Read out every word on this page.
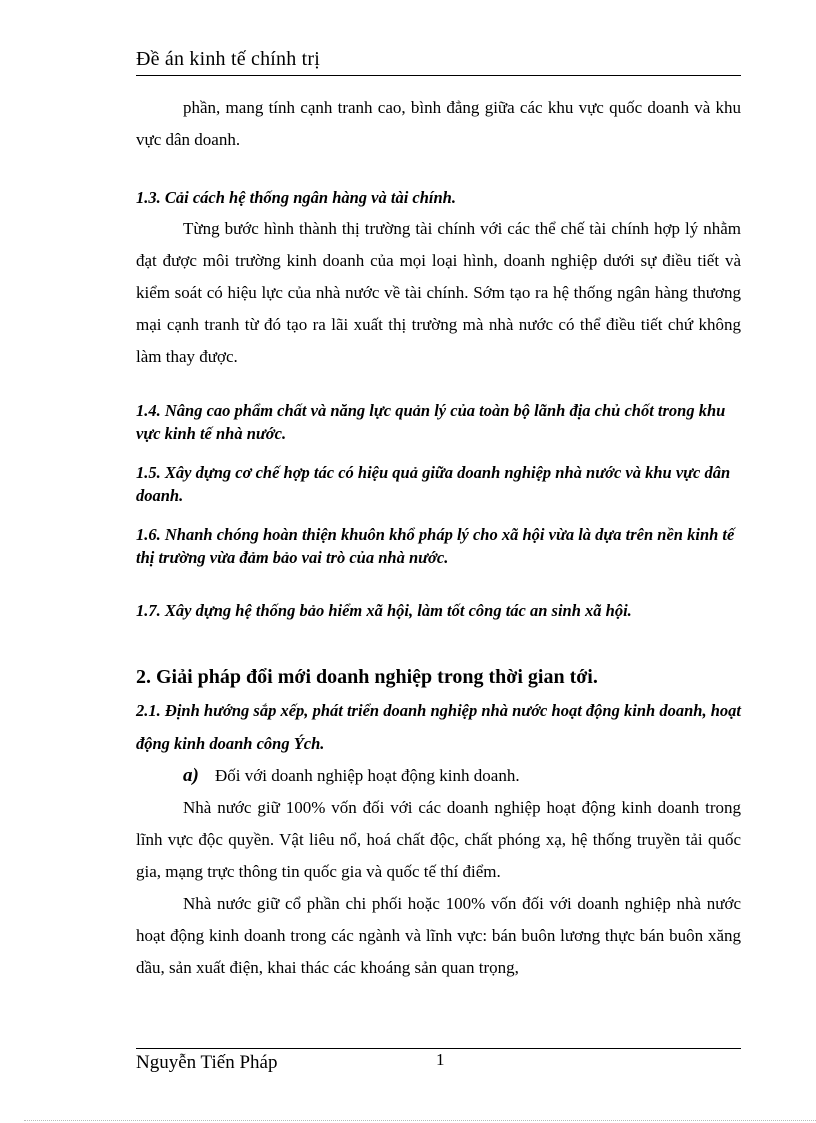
Đề án kinh tế chính trị

phần, mang tính cạnh tranh cao, bình đẳng giữa các khu vực quốc doanh và khu vực dân doanh.

1.3. Cải cách hệ thống ngân hàng và tài chính.

Từng bước hình thành thị trường tài chính với các thể chế tài chính hợp lý nhằm đạt được môi trường kinh doanh của mọi loại hình, doanh nghiệp dưới sự điều tiết và kiểm soát có hiệu lực của nhà nước về tài chính. Sớm tạo ra hệ thống ngân hàng thương mại cạnh tranh từ đó tạo ra lãi xuất thị trường mà nhà nước có thể điều tiết chứ không làm thay được.

1.4. Nâng cao phẩm chất và năng lực quản lý của toàn bộ lãnh địa chủ chốt trong khu vực kinh tế nhà nước.

1.5. Xây dựng cơ chế hợp tác có hiệu quả giữa doanh nghiệp nhà nước và khu vực dân doanh.

1.6. Nhanh chóng hoàn thiện khuôn khổ pháp lý cho xã hội vừa là dựa trên nền kinh tế thị trường vừa đảm bảo vai trò của nhà nước.

1.7. Xây dựng hệ thống bảo hiểm xã hội, làm tốt công tác an sinh xã hội.

2. Giải pháp đổi mới doanh nghiệp trong thời gian tới.

2.1. Định hướng sắp xếp, phát triển doanh nghiệp nhà nước hoạt động kinh doanh, hoạt động kinh doanh công Ých.

a) Đối với doanh nghiệp hoạt động kinh doanh.

Nhà nước giữ 100% vốn đối với các doanh nghiệp hoạt động kinh doanh trong lĩnh vực độc quyền. Vật liêu nổ, hoá chất độc, chất phóng xạ, hệ thống truyền tải quốc gia, mạng trực thông tin quốc gia và quốc tế thí điểm.

Nhà nước giữ cổ phần chi phối hoặc 100% vốn đối với doanh nghiệp nhà nước hoạt động kinh doanh trong các ngành và lĩnh vực: bán buôn lương thực bán buôn xăng dầu, sản xuất điện, khai thác các khoáng sản quan trọng,

Nguyễn Tiến Pháp	1
